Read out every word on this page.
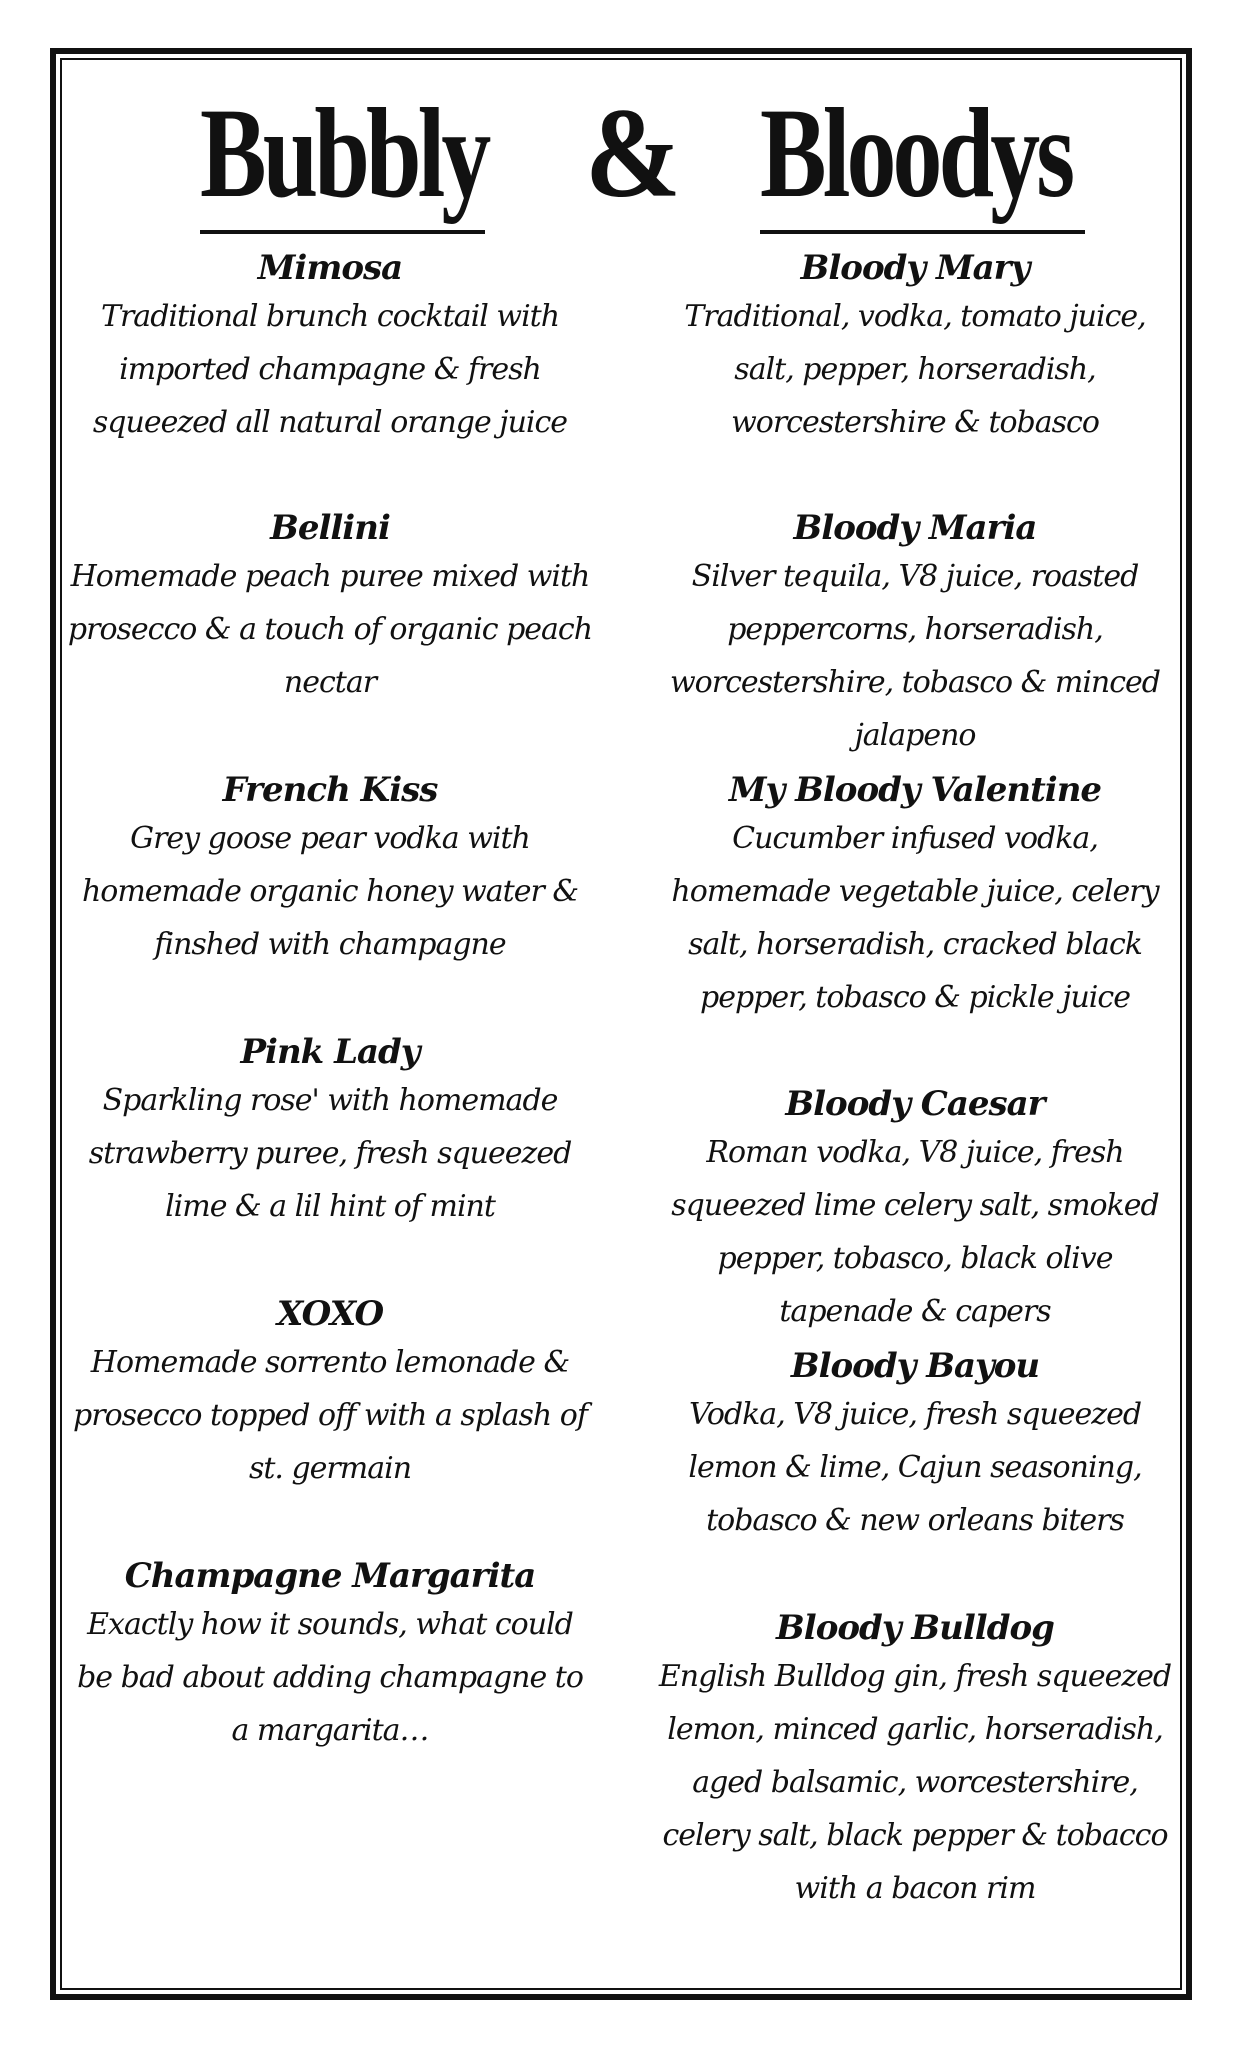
Bubbly & Bloodys
Mimosa
Traditional brunch cocktail with imported champagne & fresh squeezed all natural orange juice
Bellini
Homemade peach puree mixed with prosecco & a touch of organic peach nectar
French Kiss
Grey goose pear vodka with homemade organic honey water & finshed with champagne
Pink Lady
Sparkling rose' with homemade strawberry puree, fresh squeezed lime & a lil hint of mint
XOXO
Homemade sorrento lemonade & prosecco topped off with a splash of st. germain
Champagne Margarita
Exactly how it sounds, what could be bad about adding champagne to a margarita…
Bloody Mary
Traditional, vodka, tomato juice, salt, pepper, horseradish, worcestershire & tobasco
Bloody Maria
Silver tequila, V8 juice, roasted peppercorns, horseradish, worcestershire, tobasco & minced jalapeno
My Bloody Valentine
Cucumber infused vodka, homemade vegetable juice, celery salt, horseradish, cracked black pepper, tobasco & pickle juice
Bloody Caesar
Roman vodka, V8 juice, fresh squeezed lime celery salt, smoked pepper, tobasco, black olive tapenade & capers
Bloody Bayou
Vodka, V8 juice, fresh squeezed lemon & lime, Cajun seasoning, tobasco & new orleans biters
Bloody Bulldog
English Bulldog gin, fresh squeezed lemon, minced garlic, horseradish, aged balsamic, worcestershire, celery salt, black pepper & tobacco with a bacon rim
